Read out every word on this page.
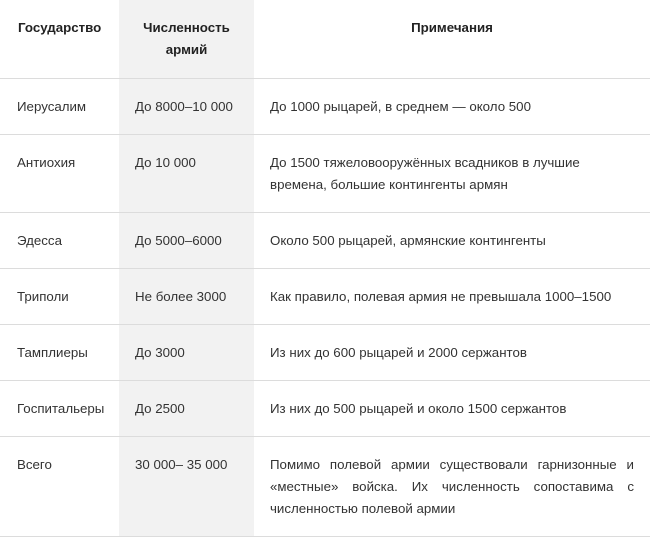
Государство	Численность армий	Примечания
Иерусалим	До 8000–10 000	До 1000 рыцарей, в среднем — около 500
Антиохия	До 10 000	До 1500 тяжеловооружённых всадников в лучшие времена, большие контингенты армян
Эдесса	До 5000–6000	Около 500 рыцарей, армянские контингенты
Триполи	Не более 3000	Как правило, полевая армия не превышала 1000–1500
Тамплиеры	До 3000	Из них до 600 рыцарей и 2000 сержантов
Госпитальеры	До 2500	Из них до 500 рыцарей и около 1500 сержантов
Всего	30 000– 35 000	Помимо полевой армии существовали гарнизонные и «местные» войска. Их численность сопоставима с численностью полевой армии
